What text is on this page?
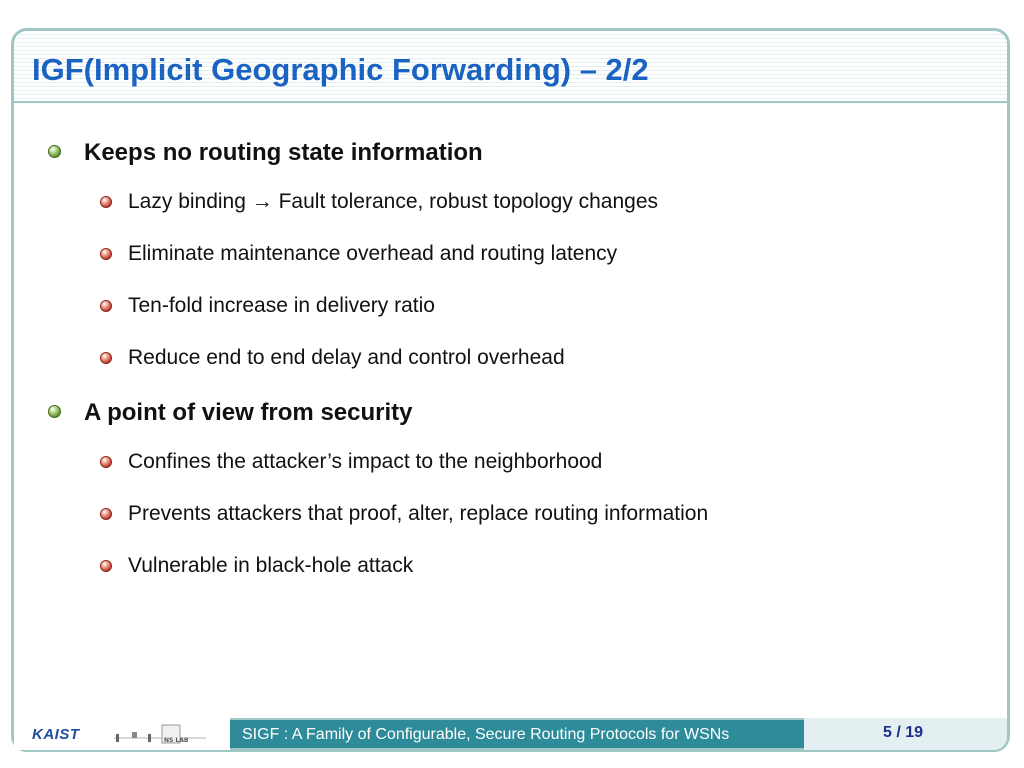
IGF(Implicit Geographic Forwarding) – 2/2
Keeps no routing state information
Lazy binding → Fault tolerance, robust topology changes
Eliminate maintenance overhead and routing latency
Ten-fold increase in delivery ratio
Reduce end to end delay and control overhead
A point of view from security
Confines the attacker’s impact to the neighborhood
Prevents attackers that proof, alter, replace routing information
Vulnerable in black-hole attack
KAIST	NS LAB	SIGF : A Family of Configurable, Secure Routing Protocols for WSNs	5 / 19
